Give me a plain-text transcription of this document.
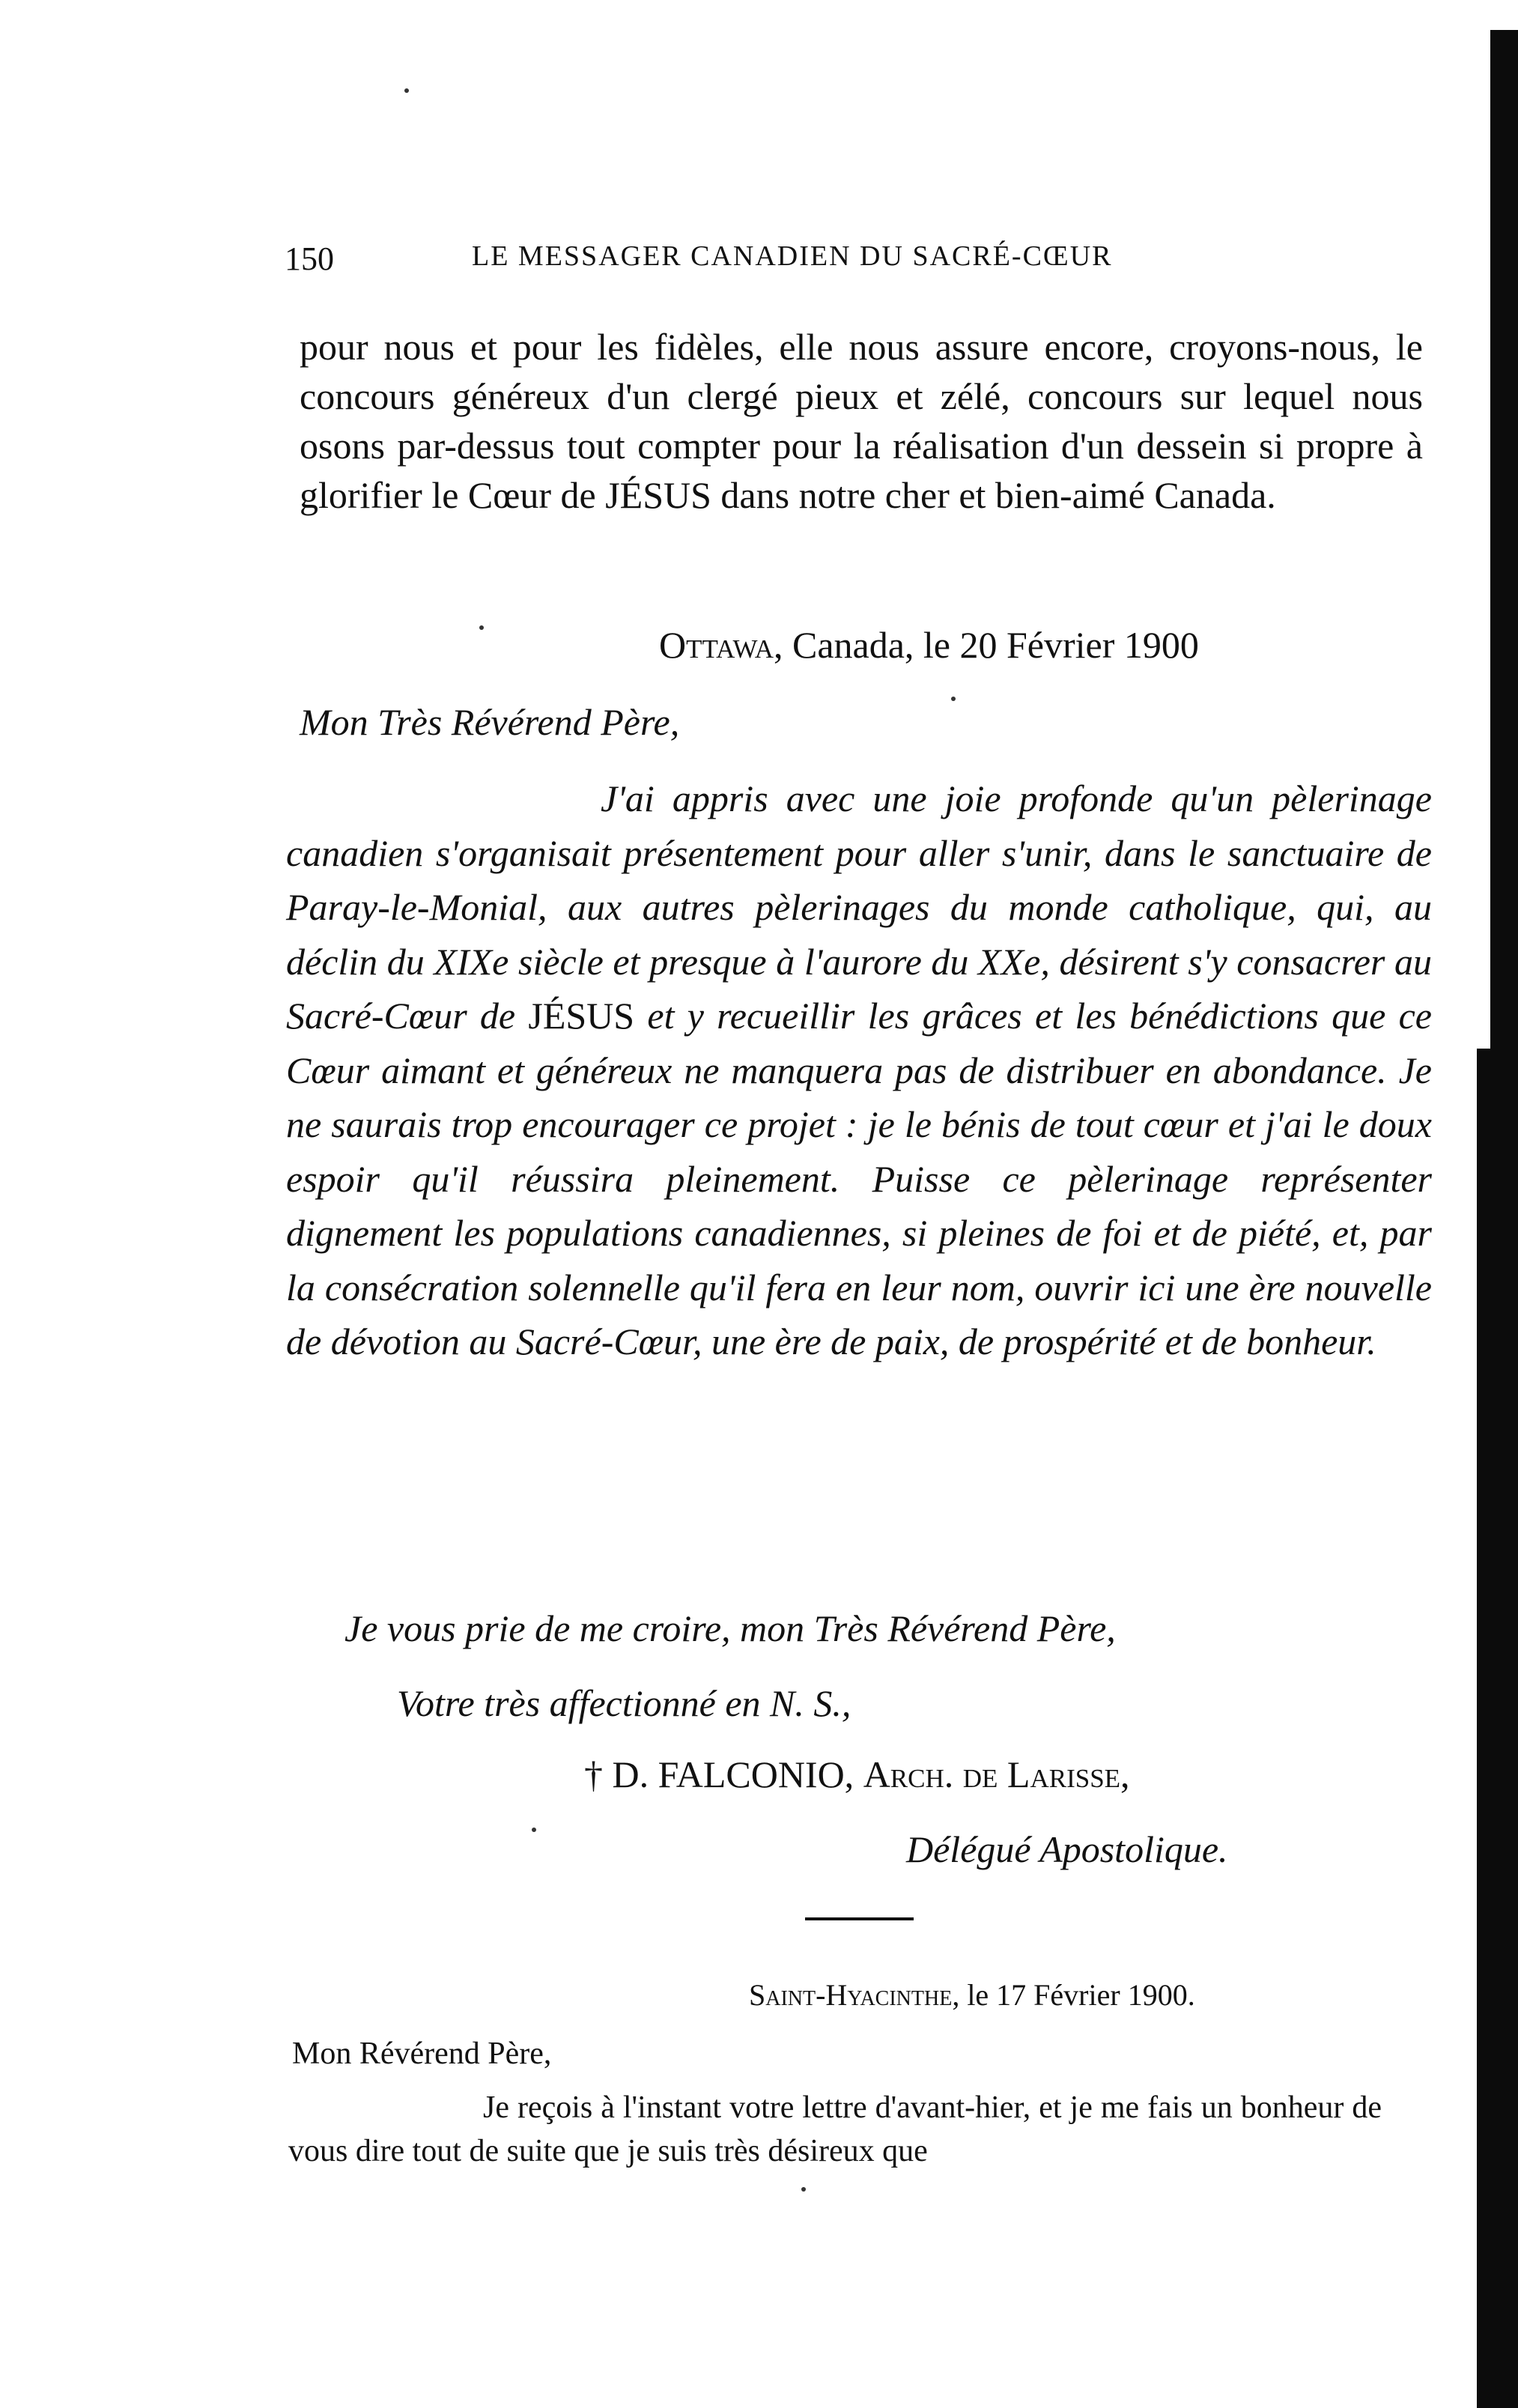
150	LE MESSAGER CANADIEN DU SACRÉ-CŒUR
pour nous et pour les fidèles, elle nous assure encore, croyons-nous, le concours généreux d'un clergé pieux et zélé, concours sur lequel nous osons par-dessus tout compter pour la réalisation d'un dessein si propre à glorifier le Cœur de JÉSUS dans notre cher et bien-aimé Canada.
Ottawa, Canada, le 20 Février 1900
Mon Très Révérend Père,
J'ai appris avec une joie profonde qu'un pèlerinage canadien s'organisait présentement pour aller s'unir, dans le sanctuaire de Paray-le-Monial, aux autres pèlerinages du monde catholique, qui, au déclin du XIXe siècle et presque à l'aurore du XXe, désirent s'y consacrer au Sacré-Cœur de JÉSUS et y recueillir les grâces et les bénédictions que ce Cœur aimant et généreux ne manquera pas de distribuer en abondance. Je ne saurais trop encourager ce projet : je le bénis de tout cœur et j'ai le doux espoir qu'il réussira pleinement. Puisse ce pèlerinage représenter dignement les populations canadiennes, si pleines de foi et de piété, et, par la consécration solennelle qu'il fera en leur nom, ouvrir ici une ère nouvelle de dévotion au Sacré-Cœur, une ère de paix, de prospérité et de bonheur.
Je vous prie de me croire, mon Très Révérend Père,
Votre très affectionné en N. S.,
† D. FALCONIO, Arch. de Larisse,
Délégué Apostolique.
Saint-Hyacinthe, le 17 Février 1900.
Mon Révérend Père,
Je reçois à l'instant votre lettre d'avant-hier, et je me fais un bonheur de vous dire tout de suite que je suis très désireux que
